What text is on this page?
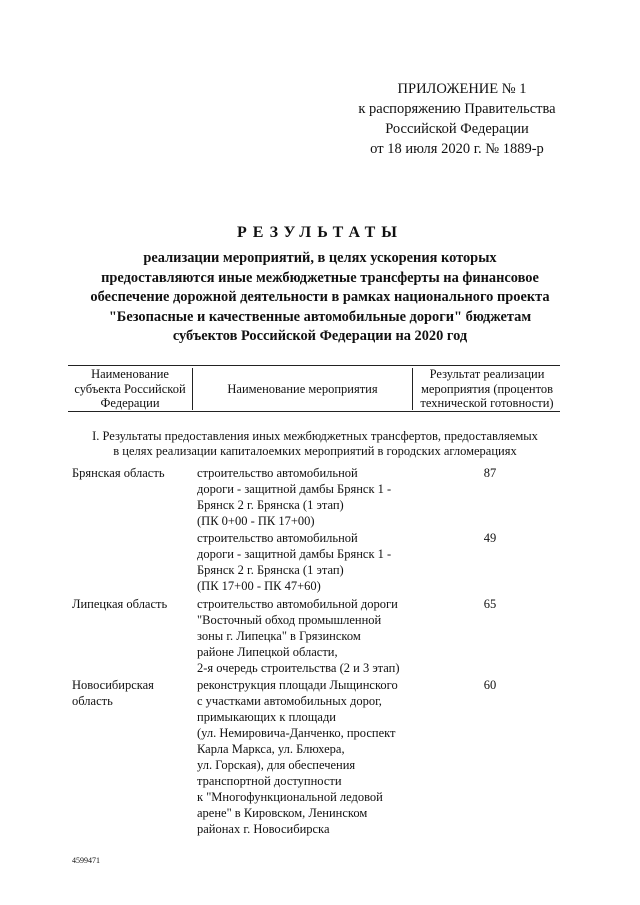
ПРИЛОЖЕНИЕ № 1
к распоряжению Правительства
Российской Федерации
от 18 июля 2020 г. № 1889-р
РЕЗУЛЬТАТЫ
реализации мероприятий, в целях ускорения которых
предоставляются иные межбюджетные трансферты на финансовое
обеспечение дорожной деятельности в рамках национального проекта
"Безопасные и качественные автомобильные дороги" бюджетам
субъектов Российской Федерации на 2020 год
Наименование
субъекта Российской
Федерации
Наименование мероприятия
Результат реализации
мероприятия (процентов
технической готовности)
I. Результаты предоставления иных межбюджетных трансфертов, предоставляемых
в целях реализации капиталоемких мероприятий в городских агломерациях
Брянская область	строительство автомобильной
дороги - защитной дамбы Брянск 1 -
Брянск 2 г. Брянска (1 этап)
(ПК 0+00 - ПК 17+00)
87
строительство автомобильной
дороги - защитной дамбы Брянск 1 -
Брянск 2 г. Брянска (1 этап)
(ПК 17+00 - ПК 47+60)
49
Липецкая область	строительство автомобильной дороги
"Восточный обход промышленной
зоны г. Липецка" в Грязинском
районе Липецкой области,
2-я очередь строительства (2 и 3 этап)
65
Новосибирская
область
реконструкция площади Лыщинского
с участками автомобильных дорог,
примыкающих к площади
(ул. Немировича-Данченко, проспект
Карла Маркса, ул. Блюхера,
ул. Горская), для обеспечения
транспортной доступности
к "Многофункциональной ледовой
арене" в Кировском, Ленинском
районах г. Новосибирска
60
4599471
